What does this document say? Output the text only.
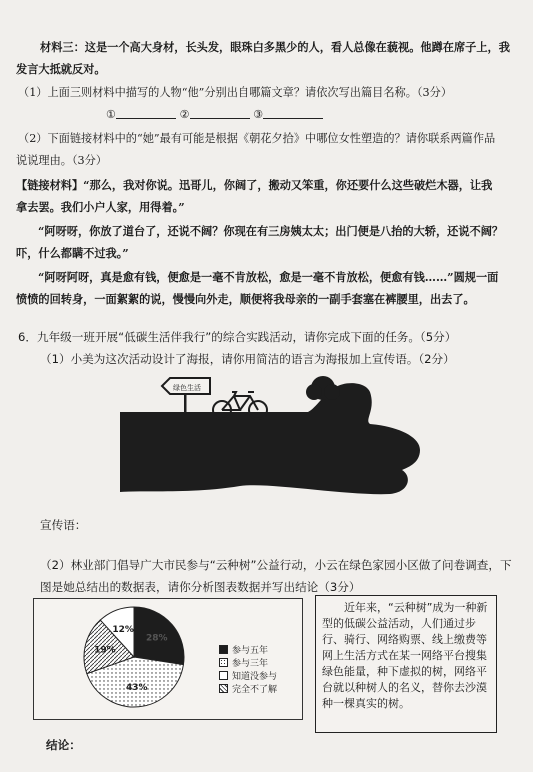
材料三：这是一个高大身材，长头发，眼珠白多黑少的人，看人总像在藐视。他蹲在席子上，我
发言大抵就反对。
（1）上面三则材料中描写的人物“他”分别出自哪篇文章？请依次写出篇目名称。（3分）
①	②	③
（2）下面链接材料中的“她”最有可能是根据《朝花夕拾》中哪位女性塑造的？请你联系两篇作品
说说理由。（3分）
【链接材料】“那么，我对你说。迅哥儿，你阔了，搬动又笨重，你还要什么这些破烂木器，让我
拿去罢。我们小户人家，用得着。”
“阿呀呀，你放了道台了，还说不阔？你现在有三房姨太太；出门便是八抬的大轿，还说不阔？
吓，什么都瞒不过我。”
“阿呀阿呀，真是愈有钱，便愈是一毫不肯放松，愈是一毫不肯放松，便愈有钱……”圆规一面
愤愤的回转身，一面絮絮的说，慢慢向外走，顺便将我母亲的一副手套塞在裤腰里，出去了。
6．九年级一班开展“低碳生活伴我行”的综合实践活动，请你完成下面的任务。（5分）
（1）小美为这次活动设计了海报，请你用简洁的语言为海报加上宣传语。（2分）
绿色生活
宣传语：
（2）林业部门倡导广大市民参与“云种树”公益行动，小云在绿色家园小区做了问卷调查，下
图是她总结出的数据表，请你分析图表数据并写出结论（3分）
28%
43%
19%
12%
参与五年
参与三年
知道没参与
完全不了解
近年来，“云种树”成为一种新型的低碳公益活动，人们通过步行、骑行、网络购票、线上缴费等网上生活方式在某一网络平台搜集绿色能量，种下虚拟的树，网络平台就以种树人的名义，替你去沙漠种一棵真实的树。
结论：
